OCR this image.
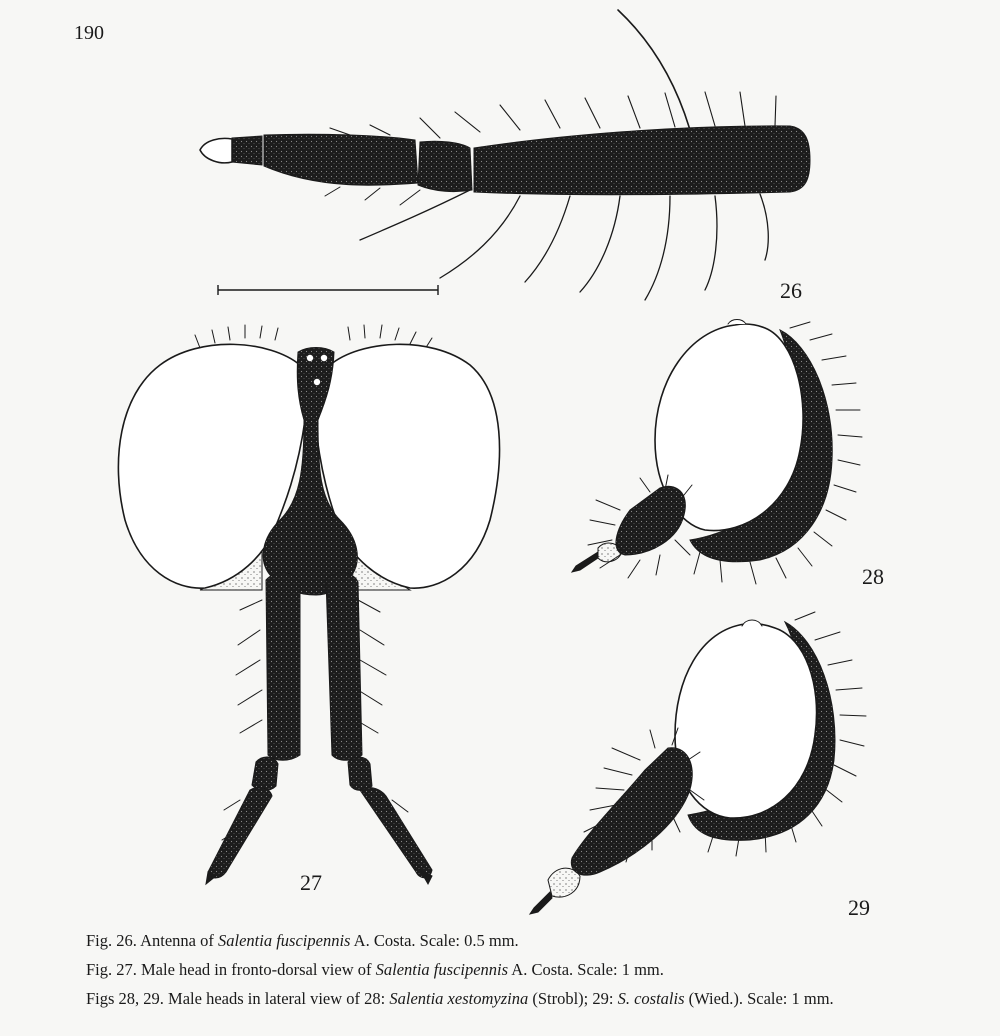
190
26
27
28
29

Fig. 26. Antenna of Salentia fuscipennis A. Costa. Scale: 0.5 mm.

Fig. 27. Male head in fronto-dorsal view of Salentia fuscipennis A. Costa. Scale: 1 mm.

Figs 28, 29. Male heads in lateral view of 28: Salentia xestomyzina (Strobl); 29: S. costalis (Wied.). Scale: 1 mm.
